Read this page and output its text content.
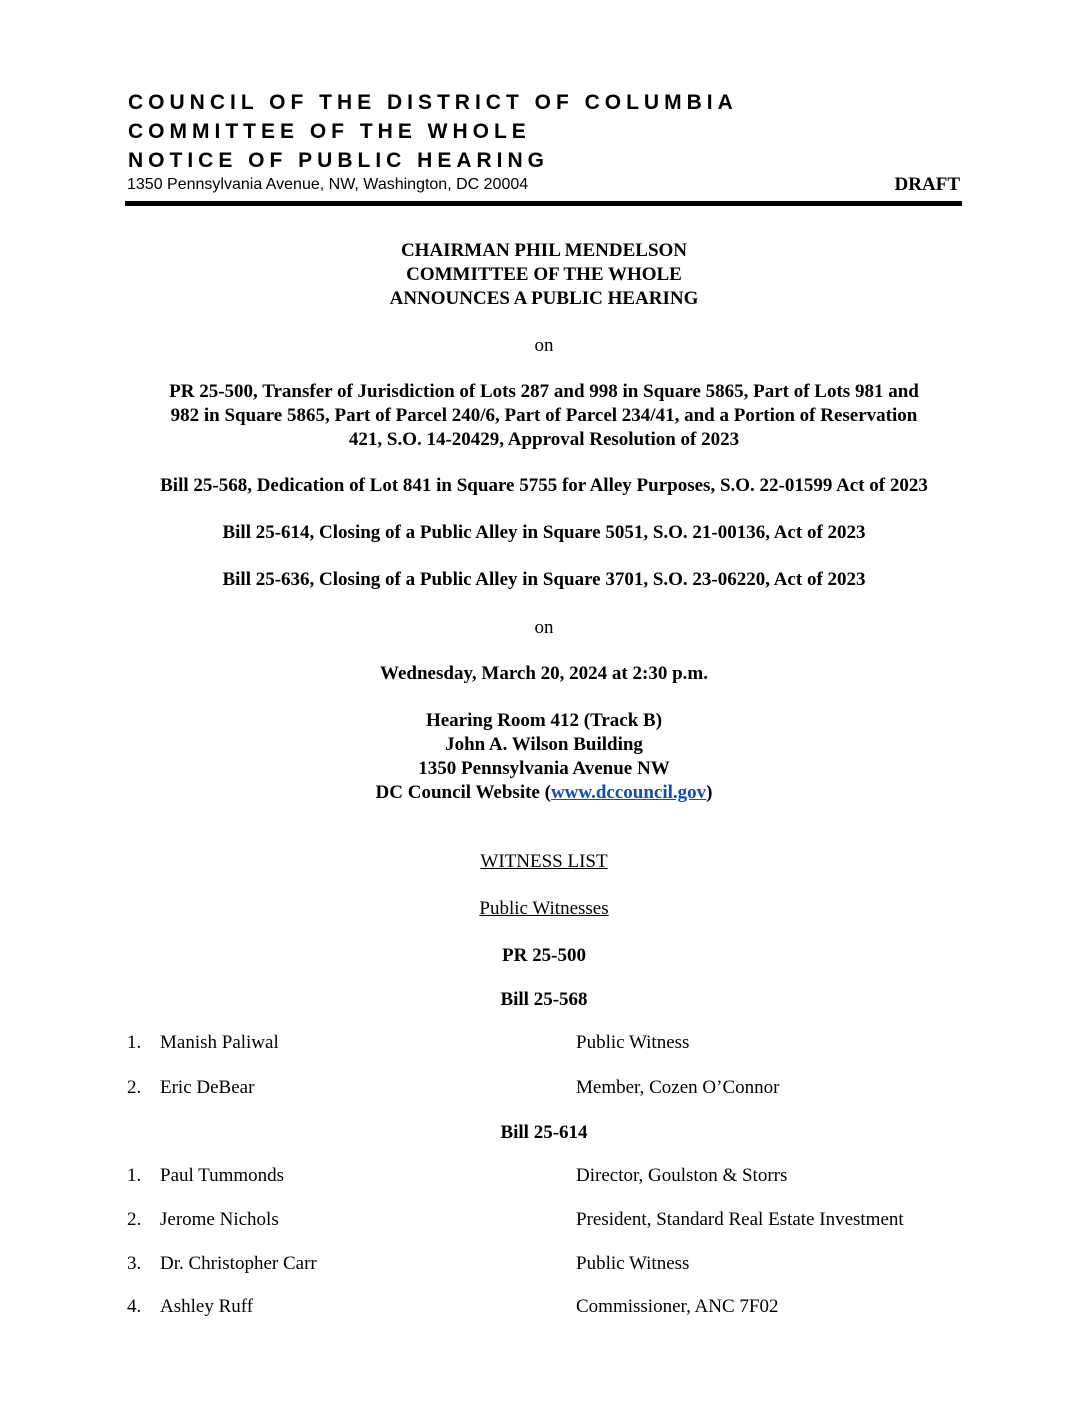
COUNCIL OF THE DISTRICT OF COLUMBIA
COMMITTEE OF THE WHOLE
NOTICE OF PUBLIC HEARING
1350 Pennsylvania Avenue, NW, Washington, DC 20004	DRAFT
CHAIRMAN PHIL MENDELSON
COMMITTEE OF THE WHOLE
ANNOUNCES A PUBLIC HEARING
on
PR 25-500, Transfer of Jurisdiction of Lots 287 and 998 in Square 5865, Part of Lots 981 and
982 in Square 5865, Part of Parcel 240/6, Part of Parcel 234/41, and a Portion of Reservation
421, S.O. 14-20429, Approval Resolution of 2023
Bill 25-568, Dedication of Lot 841 in Square 5755 for Alley Purposes, S.O. 22-01599 Act of 2023
Bill 25-614, Closing of a Public Alley in Square 5051, S.O. 21-00136, Act of 2023
Bill 25-636, Closing of a Public Alley in Square 3701, S.O. 23-06220, Act of 2023
on
Wednesday, March 20, 2024 at 2:30 p.m.
Hearing Room 412 (Track B)
John A. Wilson Building
1350 Pennsylvania Avenue NW
DC Council Website (www.dccouncil.gov)
WITNESS LIST
Public Witnesses
PR 25-500
Bill 25-568
1. Manish Paliwal	Public Witness
2. Eric DeBear	Member, Cozen O’Connor
Bill 25-614
1. Paul Tummonds	Director, Goulston & Storrs
2. Jerome Nichols	President, Standard Real Estate Investment
3. Dr. Christopher Carr	Public Witness
4. Ashley Ruff	Commissioner, ANC 7F02
